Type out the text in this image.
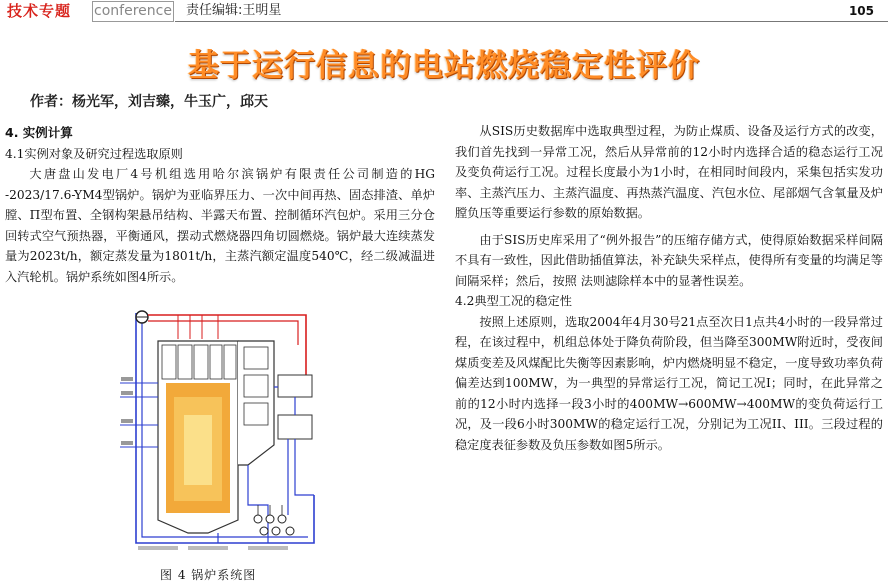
技术专题 conference 责任编辑:王明星	105
基于运行信息的电站燃烧稳定性评价
作者：杨光军，刘吉臻，牛玉广，邱天

4. 实例计算

4.1实例对象及研究过程选取原则

大唐盘山发电厂4号机组选用哈尔滨锅炉有限责任公司制造的HG -2023/17.6-YM4型锅炉。锅炉为亚临界压力、一次中间再热、固态排渣、单炉膛、Π型布置、全钢构架悬吊结构、半露天布置、控制循环汽包炉。采用三分仓回转式空气预热器，平衡通风，摆动式燃烧器四角切圆燃烧。锅炉最大连续蒸发量为2023t/h，额定蒸发量为1801t/h，主蒸汽额定温度540℃，经二级减温进入汽轮机。锅炉系统如图4所示。

图 4 锅炉系统图

从SIS历史数据库中选取典型过程，为防止煤质、设备及运行方式的改变，我们首先找到一异常工况，然后从异常前的12小时内选择合适的稳态运行工况及变负荷运行工况。过程长度最小为1小时，在相同时间段内，采集包括实发功率、主蒸汽压力、主蒸汽温度、再热蒸汽温度、汽包水位、尾部烟气含氧量及炉膛负压等重要运行参数的原始数据。

由于SIS历史库采用了“例外报告”的压缩存储方式，使得原始数据采样间隔不具有一致性，因此借助插值算法，补充缺失采样点，使得所有变量的均满足等间隔采样；然后，按照 法则滤除样本中的显著性误差。

4.2典型工况的稳定性

按照上述原则，选取2004年4月30号21点至次日1点共4小时的一段异常过程，在该过程中，机组总体处于降负荷阶段，但当降至300MW附近时，受夜间煤质变差及风煤配比失衡等因素影响，炉内燃烧明显不稳定，一度导致功率负荷偏差达到100MW，为一典型的异常运行工况，简记工况I；同时，在此异常之前的12小时内选择一段3小时的400MW→600MW→400MW的变负荷运行工况，及一段6小时300MW的稳定运行工况，分别记为工况II、III。三段过程的稳定度表征参数及负压参数如图5所示。
